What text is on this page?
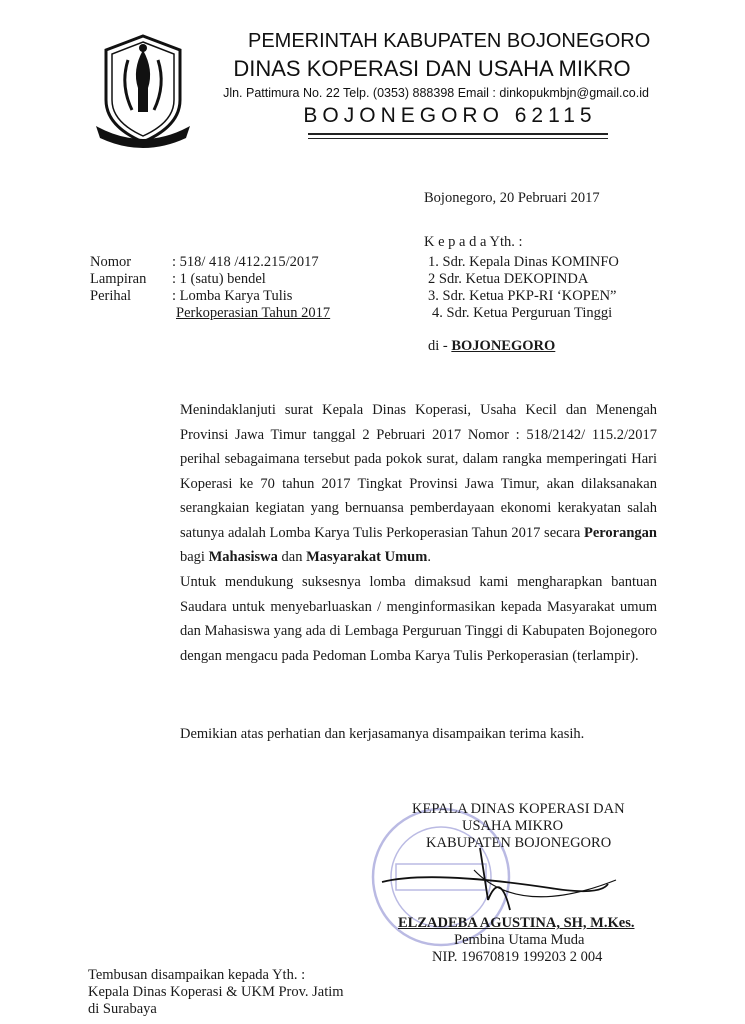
PEMERINTAH KABUPATEN BOJONEGORO
DINAS KOPERASI DAN USAHA MIKRO
Jln. Pattimura No. 22 Telp. (0353) 888398 Email : dinkopukmbjn@gmail.co.id
BOJONEGORO 62115
Bojonegoro, 20 Pebruari 2017
Nomor	: 518/ 418 /412.215/2017
Lampiran : 1 (satu) bendel
Perihal	: Lomba Karya Tulis
Perkoperasian Tahun 2017
K e p a d a Yth. :
1. Sdr. Kepala Dinas KOMINFO
2 Sdr. Ketua DEKOPINDA
3. Sdr. Ketua PKP-RI ‘KOPEN”
4. Sdr. Ketua Perguruan Tinggi
di - BOJONEGORO

Menindaklanjuti surat Kepala Dinas Koperasi, Usaha Kecil dan Menengah Provinsi Jawa Timur tanggal 2 Pebruari 2017 Nomor : 518/2142/ 115.2/2017 perihal sebagaimana tersebut pada pokok surat, dalam rangka memperingati Hari Koperasi ke 70 tahun 2017 Tingkat Provinsi Jawa Timur, akan dilaksanakan serangkaian kegiatan yang bernuansa pemberdayaan ekonomi kerakyatan salah satunya adalah Lomba Karya Tulis Perkoperasian Tahun 2017 secara Perorangan bagi Mahasiswa dan Masyarakat Umum.

Untuk mendukung suksesnya lomba dimaksud kami mengharapkan bantuan Saudara untuk menyebarluaskan / menginformasikan kepada Masyarakat umum dan Mahasiswa yang ada di Lembaga Perguruan Tinggi di Kabupaten Bojonegoro dengan mengacu pada Pedoman Lomba Karya Tulis Perkoperasian (terlampir).

Demikian atas perhatian dan kerjasamanya disampaikan terima kasih.

KEPALA DINAS KOPERASI DAN
USAHA MIKRO
KABUPATEN BOJONEGORO
ELZADEBA AGUSTINA, SH, M.Kes.
Pembina Utama Muda
NIP. 19670819 199203 2 004
Tembusan disampaikan kepada Yth. :
Kepala Dinas Koperasi & UKM Prov. Jatim
di Surabaya
